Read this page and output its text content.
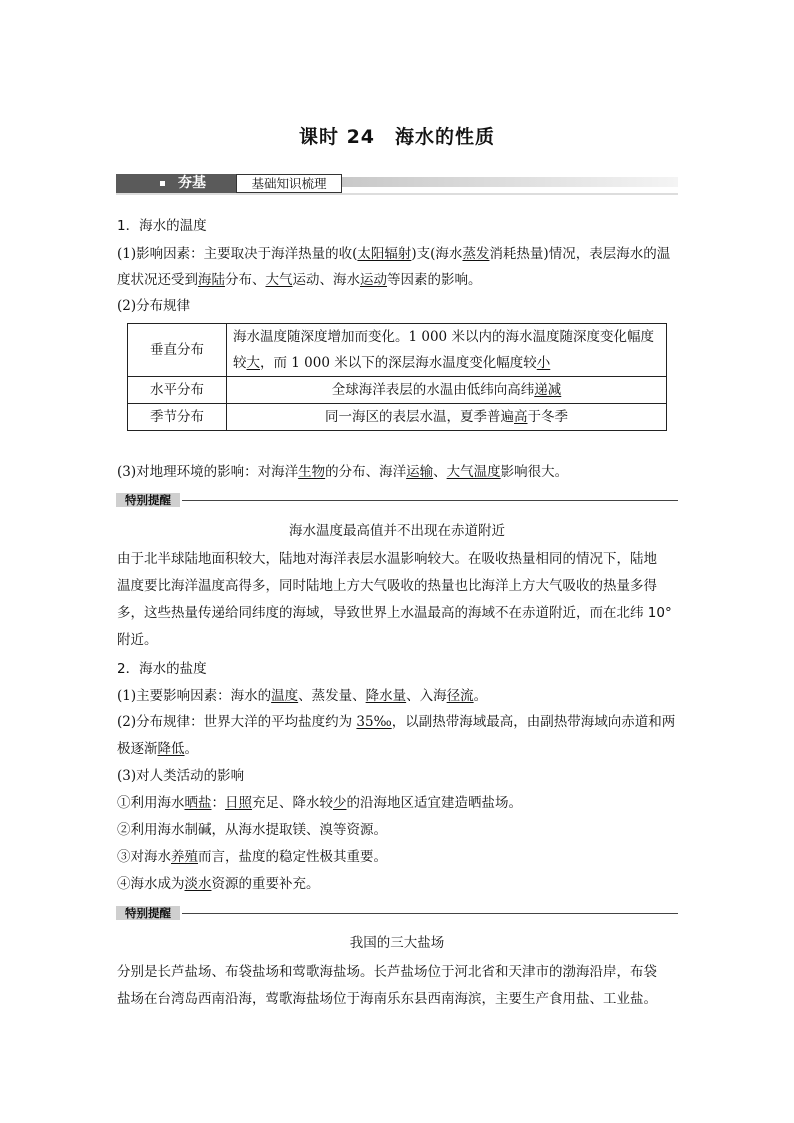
课时 24　海水的性质
夯基	基础知识梳理
1．海水的温度
(1)影响因素：主要取决于海洋热量的收(太阳辐射)支(海水蒸发消耗热量)情况，表层海水的温
度状况还受到海陆分布、大气运动、海水运动等因素的影响。
(2)分布规律
垂直分布	海水温度随深度增加而变化。1 000 米以内的海水温度随深度变化幅度
较大，而 1 000 米以下的深层海水温度变化幅度较小

水平分布	全球海洋表层的水温由低纬向高纬递减
季节分布	同一海区的表层水温，夏季普遍高于冬季
(3)对地理环境的影响：对海洋生物的分布、海洋运输、大气温度影响很大。
特别提醒
海水温度最高值并不出现在赤道附近
由于北半球陆地面积较大，陆地对海洋表层水温影响较大。在吸收热量相同的情况下，陆地
温度要比海洋温度高得多，同时陆地上方大气吸收的热量也比海洋上方大气吸收的热量多得
多，这些热量传递给同纬度的海域，导致世界上水温最高的海域不在赤道附近，而在北纬 10°
附近。
2．海水的盐度
(1)主要影响因素：海水的温度、蒸发量、降水量、入海径流。
(2)分布规律：世界大洋的平均盐度约为 35‰，以副热带海域最高，由副热带海域向赤道和两
极逐渐降低。
(3)对人类活动的影响
①利用海水晒盐：日照充足、降水较少的沿海地区适宜建造晒盐场。
②利用海水制碱，从海水提取镁、溴等资源。
③对海水养殖而言，盐度的稳定性极其重要。
④海水成为淡水资源的重要补充。
特别提醒
我国的三大盐场
分别是长芦盐场、布袋盐场和莺歌海盐场。长芦盐场位于河北省和天津市的渤海沿岸，布袋
盐场在台湾岛西南沿海，莺歌海盐场位于海南乐东县西南海滨，主要生产食用盐、工业盐。
